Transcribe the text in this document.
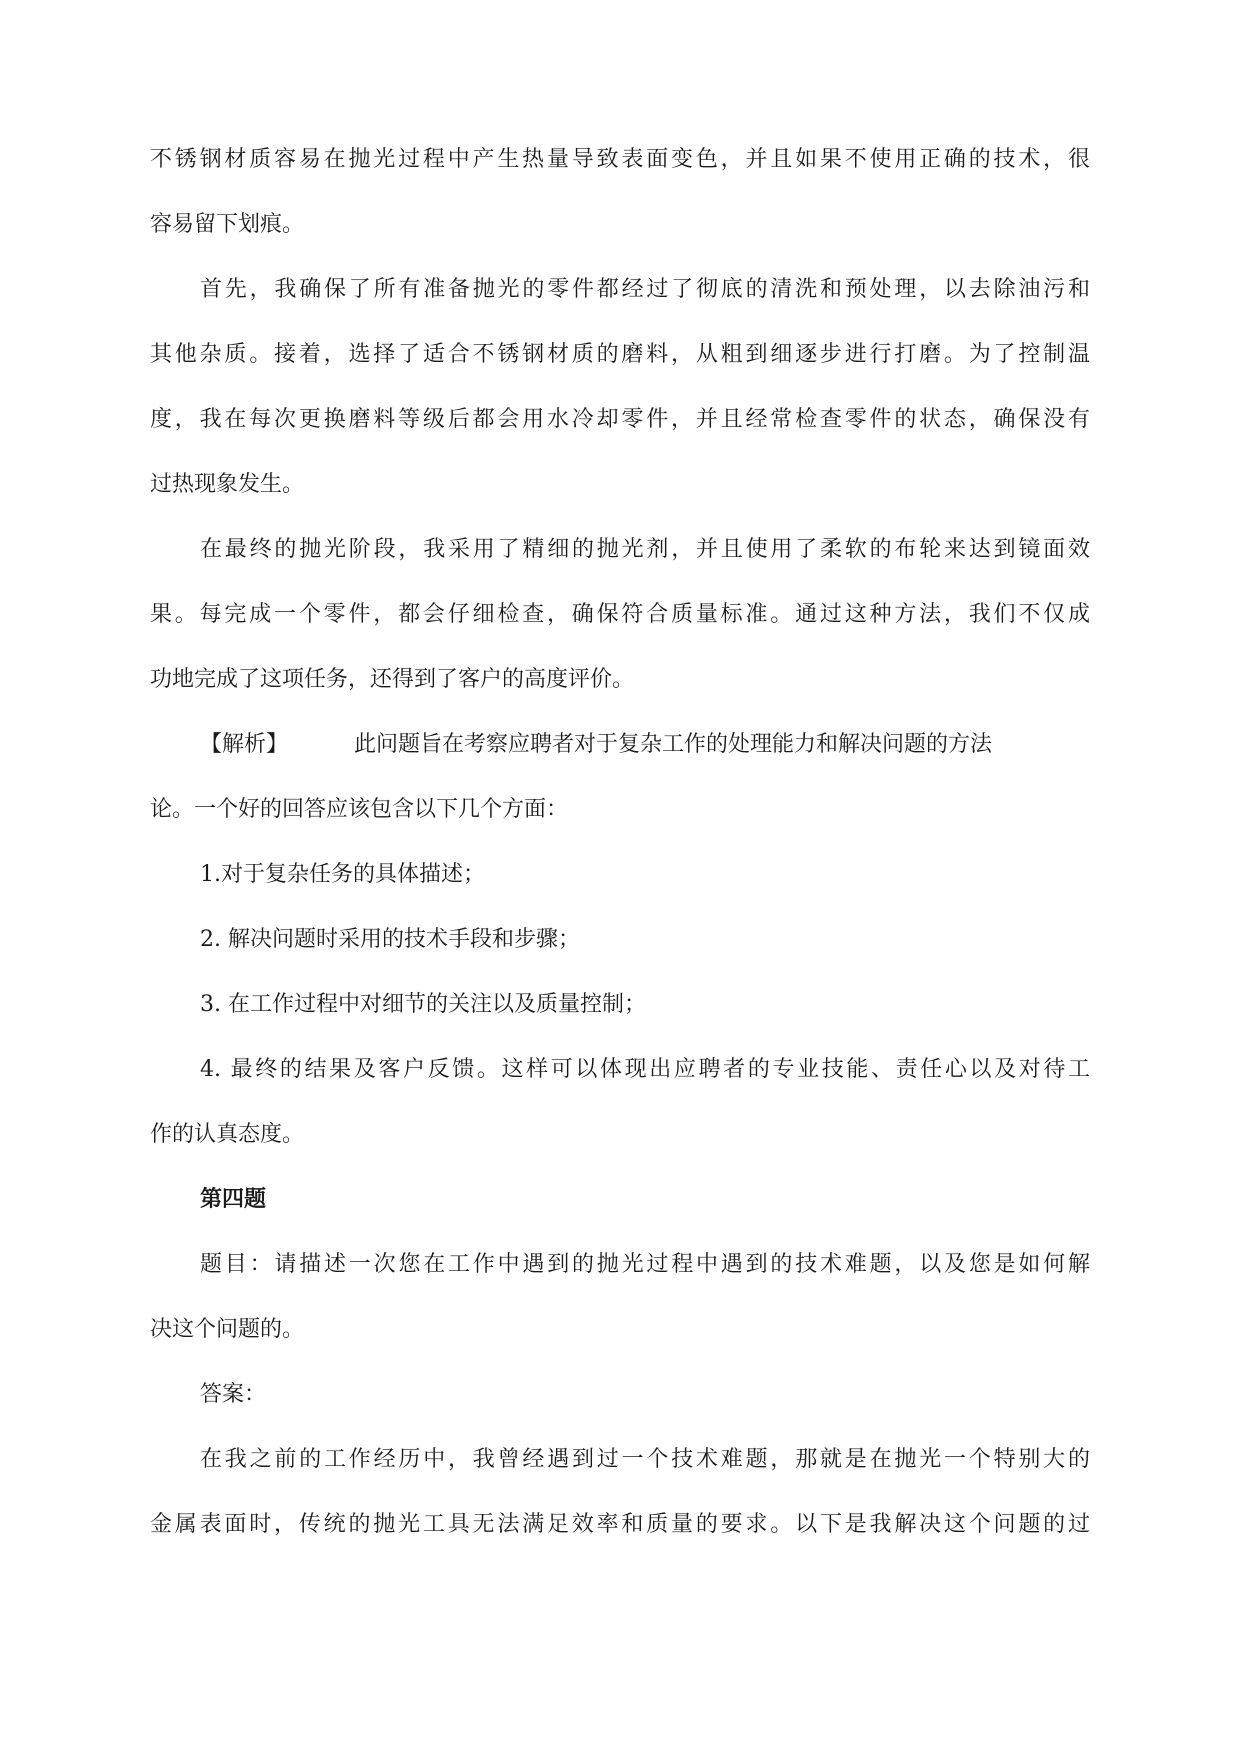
不锈钢材质容易在抛光过程中产生热量导致表面变色，并且如果不使用正确的技术，很
容易留下划痕。
首先，我确保了所有准备抛光的零件都经过了彻底的清洗和预处理，以去除油污和
其他杂质。接着，选择了适合不锈钢材质的磨料，从粗到细逐步进行打磨。为了控制温
度，我在每次更换磨料等级后都会用水冷却零件，并且经常检查零件的状态，确保没有
过热现象发生。
在最终的抛光阶段，我采用了精细的抛光剂，并且使用了柔软的布轮来达到镜面效
果。每完成一个零件，都会仔细检查，确保符合质量标准。通过这种方法，我们不仅成
功地完成了这项任务，还得到了客户的高度评价。
【解析】	此问题旨在考察应聘者对于复杂工作的处理能力和解决问题的方法
论。一个好的回答应该包含以下几个方面：
1.对于复杂任务的具体描述；
2. 解决问题时采用的技术手段和步骤；
3. 在工作过程中对细节的关注以及质量控制；
4. 最终的结果及客户反馈。这样可以体现出应聘者的专业技能、责任心以及对待工
作的认真态度。
第四题
题目：请描述一次您在工作中遇到的抛光过程中遇到的技术难题，以及您是如何解
决这个问题的。
答案：
在我之前的工作经历中，我曾经遇到过一个技术难题，那就是在抛光一个特别大的
金属表面时，传统的抛光工具无法满足效率和质量的要求。以下是我解决这个问题的过
